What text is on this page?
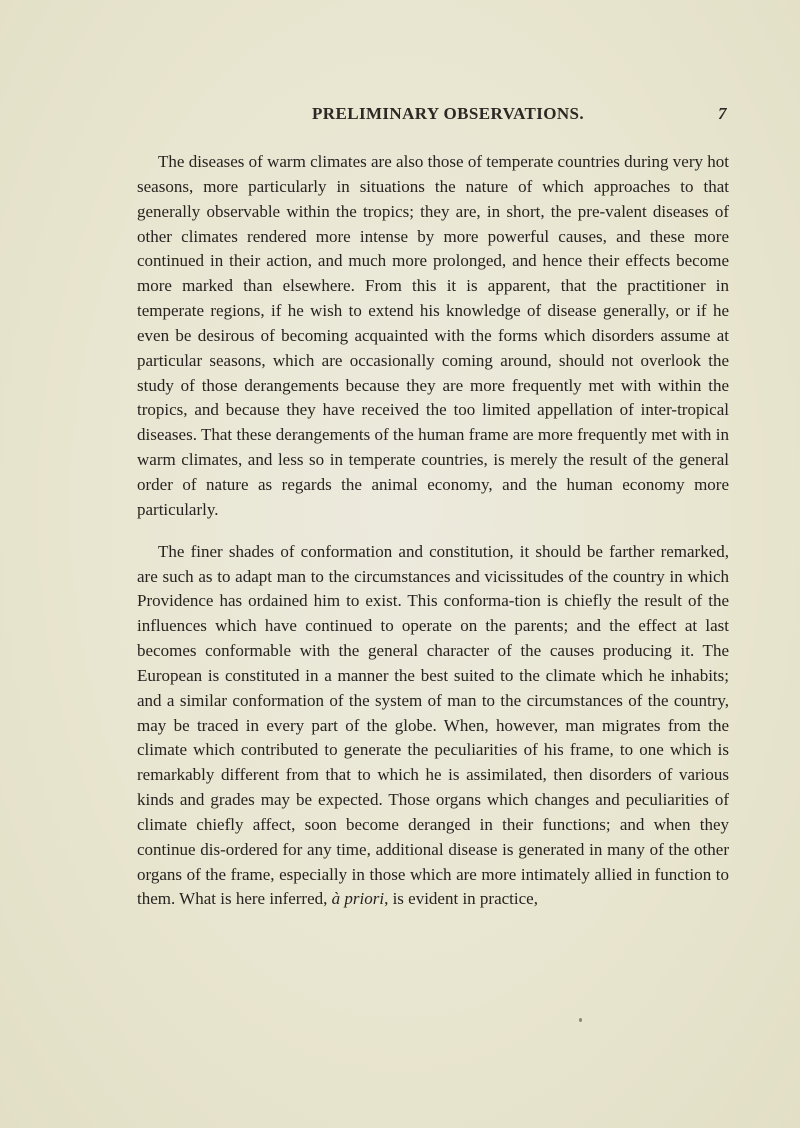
PRELIMINARY OBSERVATIONS.	7

The diseases of warm climates are also those of temperate countries during very hot seasons, more particularly in situations the nature of which approaches to that generally observable within the tropics; they are, in short, the pre-valent diseases of other climates rendered more intense by more powerful causes, and these more continued in their action, and much more prolonged, and hence their effects become more marked than elsewhere. From this it is apparent, that the practitioner in temperate regions, if he wish to extend his knowledge of disease generally, or if he even be desirous of becoming acquainted with the forms which disorders assume at particular seasons, which are occasionally coming around, should not overlook the study of those derangements because they are more frequently met with within the tropics, and because they have received the too limited appellation of inter-tropical diseases. That these derangements of the human frame are more frequently met with in warm climates, and less so in temperate countries, is merely the result of the general order of nature as regards the animal economy, and the human economy more particularly.

The finer shades of conformation and constitution, it should be farther remarked, are such as to adapt man to the circumstances and vicissitudes of the country in which Providence has ordained him to exist. This conforma-tion is chiefly the result of the influences which have continued to operate on the parents; and the effect at last becomes conformable with the general character of the causes producing it. The European is constituted in a manner the best suited to the climate which he inhabits; and a similar conformation of the system of man to the circumstances of the country, may be traced in every part of the globe. When, however, man migrates from the climate which contributed to generate the peculiarities of his frame, to one which is remarkably different from that to which he is assimilated, then disorders of various kinds and grades may be expected. Those organs which changes and peculiarities of climate chiefly affect, soon become deranged in their functions; and when they continue dis-ordered for any time, additional disease is generated in many of the other organs of the frame, especially in those which are more intimately allied in function to them. What is here inferred, à priori, is evident in practice,
